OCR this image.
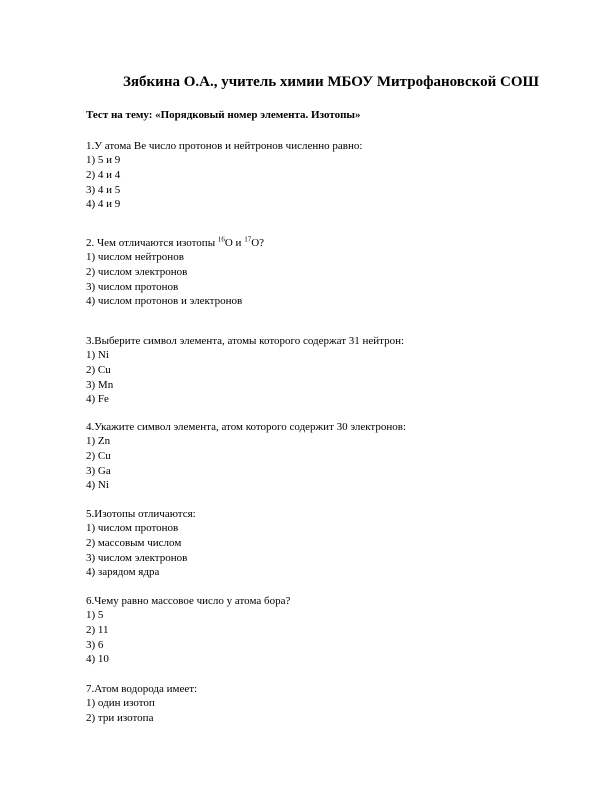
Зябкина О.А., учитель химии МБОУ Митрофановской СОШ
Тест на тему: «Порядковый номер элемента. Изотопы»
1.У атома Be число протонов и нейтронов численно равно:
1) 5 и 9
2) 4 и 4
3) 4 и 5
4) 4 и 9
2. Чем отличаются изотопы $^{16}$O и $^{17}$O?
1) числом нейтронов
2) числом электронов
3) числом протонов
4) числом протонов и электронов
3.Выберите символ элемента, атомы которого содержат 31 нейтрон:
1) Ni
2) Cu
3) Mn
4) Fe
4.Укажите символ элемента, атом которого содержит 30 электронов:
1) Zn
2) Cu
3) Ga
4) Ni
5.Изотопы отличаются:
1) числом протонов
2) массовым числом
3) числом электронов
4) зарядом ядра
6.Чему равно массовое число у атома бора?
1) 5
2) 11
3) 6
4) 10
7.Атом водорода имеет:
1) один изотоп
2) три изотопа
